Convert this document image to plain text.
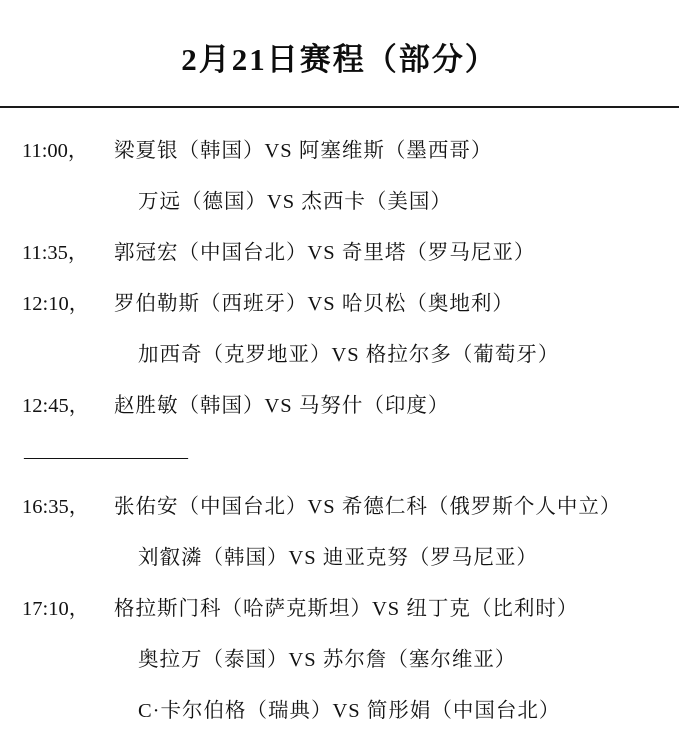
2月21日赛程（部分）
11:00，	梁夏银（韩国）VS 阿塞维斯（墨西哥）
万远（德国）VS 杰西卡（美国）
11:35，	郭冠宏（中国台北）VS 奇里塔（罗马尼亚）
12:10，	罗伯勒斯（西班牙）VS 哈贝松（奥地利）
加西奇（克罗地亚）VS 格拉尔多（葡萄牙）
12:45，	赵胜敏（韩国）VS 马努什（印度）
————————
16:35，	张佑安（中国台北）VS 希德仁科（俄罗斯个人中立）
刘叡潾（韩国）VS 迪亚克努（罗马尼亚）
17:10，	格拉斯门科（哈萨克斯坦）VS 纽丁克（比利时）
奥拉万（泰国）VS 苏尔詹（塞尔维亚）
C·卡尔伯格（瑞典）VS 简彤娟（中国台北）
